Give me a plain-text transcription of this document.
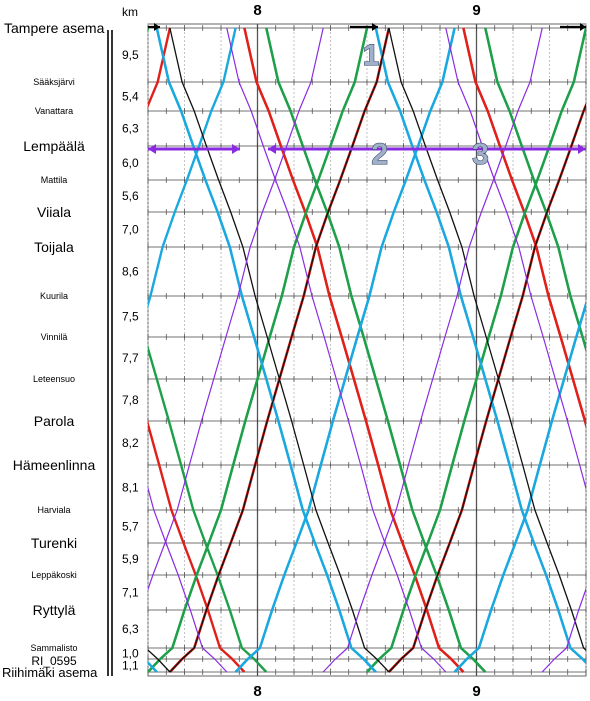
Tampere asema
Sääksjärvi
Vanattara
Lempäälä
Mattila
Viiala
Toijala
Kuurila
Vinnilä
Leteensuo
Parola
Hämeenlinna
Harviala
Turenki
Leppäkoski
Ryttylä
Sammalisto
RI_0595
Riihimäki asema
9,5
5,4
6,3
6,0
5,6
7,0
8,6
7,5
7,7
7,8
8,2
8,1
5,7
5,9
7,1
6,3
1,0
1,1
8
8
9
9
1
2	3
km
